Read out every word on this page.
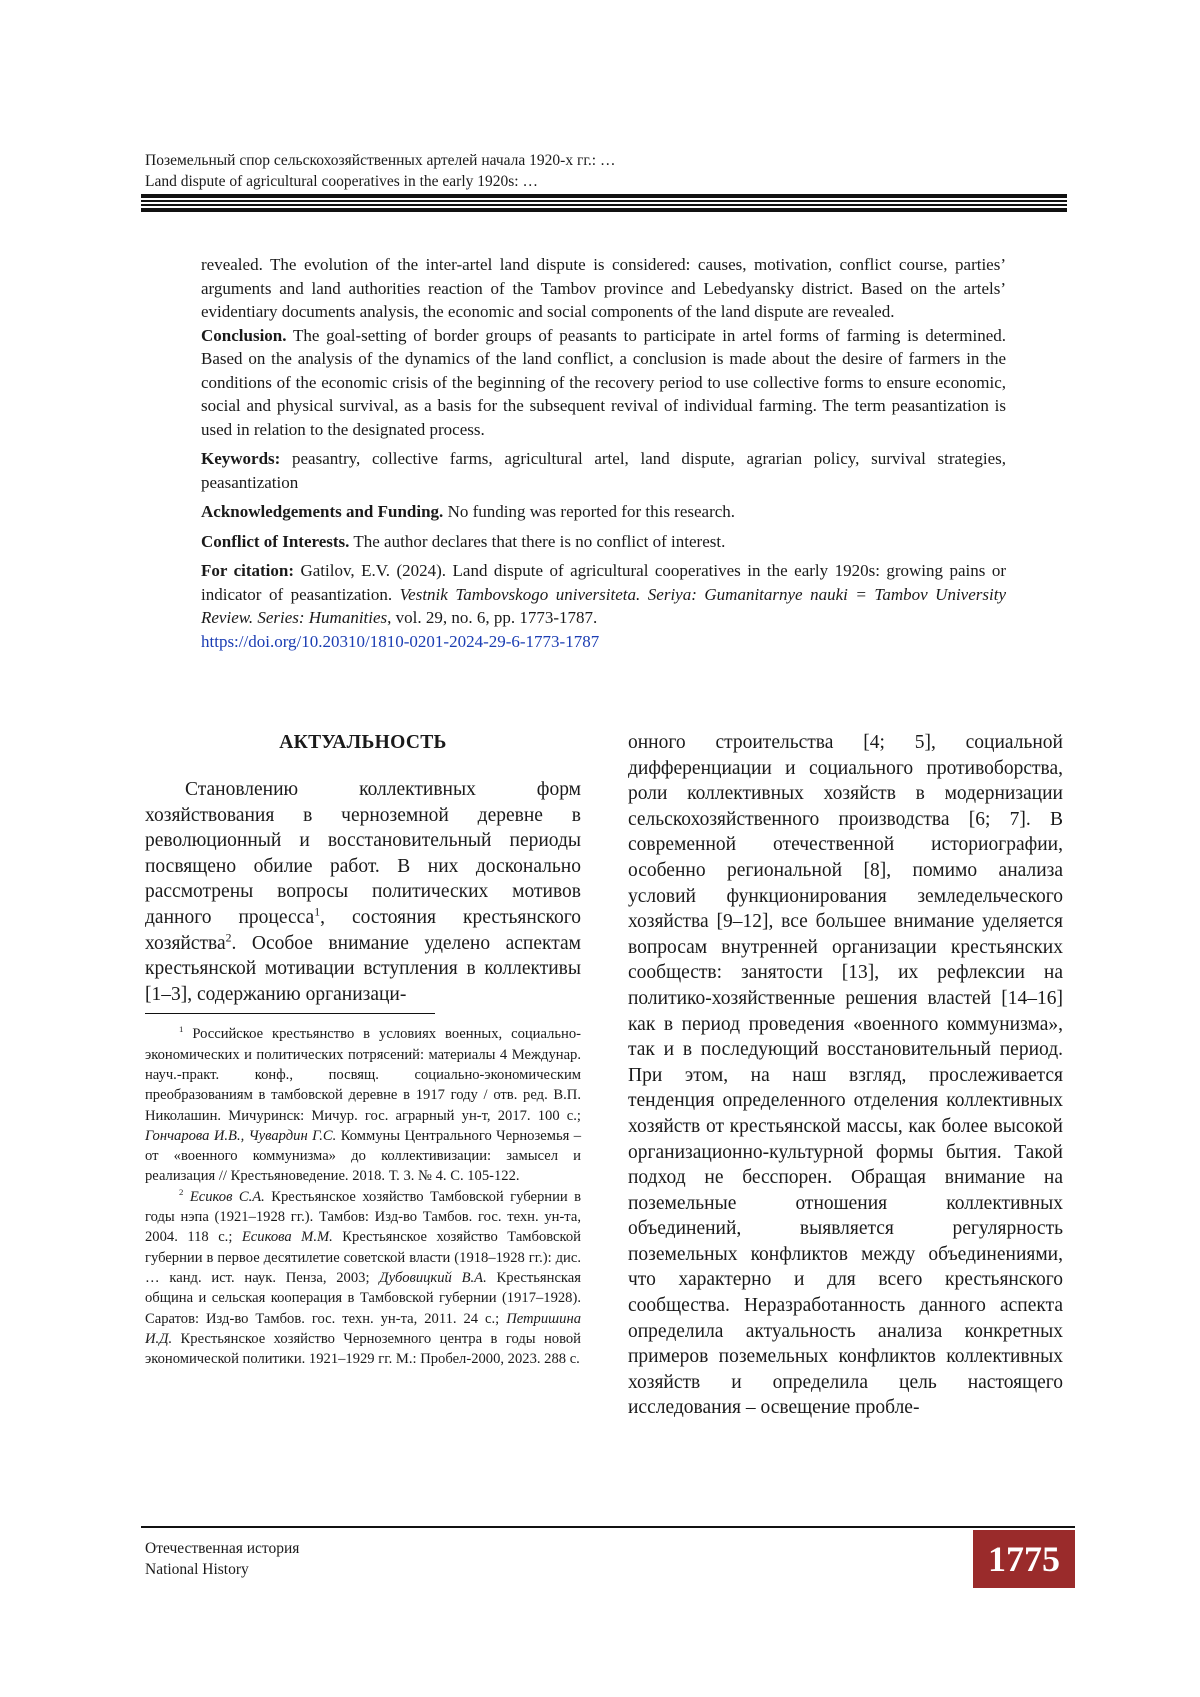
Поземельный спор сельскохозяйственных артелей начала 1920-х гг.: …
Land dispute of agricultural cooperatives in the early 1920s: …

revealed. The evolution of the inter-artel land dispute is considered: causes, motivation, conflict course, parties’ arguments and land authorities reaction of the Tambov province and Lebedyansky district. Based on the artels’ evidentiary documents analysis, the economic and social components of the land dispute are revealed.

Conclusion. The goal-setting of border groups of peasants to participate in artel forms of farming is determined. Based on the analysis of the dynamics of the land conflict, a conclusion is made about the desire of farmers in the conditions of the economic crisis of the beginning of the recovery period to use collective forms to ensure economic, social and physical survival, as a basis for the subsequent revival of individual farming. The term peasantization is used in relation to the designated process.

Keywords: peasantry, collective farms, agricultural artel, land dispute, agrarian policy, survival strategies, peasantization

Acknowledgements and Funding. No funding was reported for this research.

Conflict of Interests. The author declares that there is no conflict of interest.

For citation: Gatilov, E.V. (2024). Land dispute of agricultural cooperatives in the early 1920s: growing pains or indicator of peasantization. Vestnik Tambovskogo universiteta. Seriya: Gumanitarnye nauki = Tambov University Review. Series: Humanities, vol. 29, no. 6, pp. 1773-1787.
https://doi.org/10.20310/1810-0201-2024-29-6-1773-1787

АКТУАЛЬНОСТЬ

Становлению коллективных форм хозяйствования в черноземной деревне в революционный и восстановительный периоды посвящено обилие работ. В них досконально рассмотрены вопросы политических мотивов данного процесса$^1$, состояния крестьянского хозяйства$^2$. Особое внимание уделено аспектам крестьянской мотивации вступления в коллективы [1–3], содержанию организаци-

$^1$ Российское крестьянство в условиях военных, социально-экономических и политических потрясений: материалы 4 Междунар. науч.-практ. конф., посвящ. социально-экономическим преобразованиям в тамбовской деревне в 1917 году / отв. ред. В.П. Николашин. Мичуринск: Мичур. гос. аграрный ун-т, 2017. 100 с.; Гончарова И.В., Чувардин Г.С. Коммуны Центрального Черноземья – от «военного коммунизма» до коллективизации: замысел и реализация // Крестьяноведение. 2018. Т. 3. № 4. С. 105-122.

$^2$ Есиков С.А. Крестьянское хозяйство Тамбовской губернии в годы нэпа (1921–1928 гг.). Тамбов: Изд-во Тамбов. гос. техн. ун-та, 2004. 118 с.; Есикова М.М. Крестьянское хозяйство Тамбовской губернии в первое десятилетие советской власти (1918–1928 гг.): дис. … канд. ист. наук. Пенза, 2003; Дубовицкий В.А. Крестьянская община и сельская кооперация в Тамбовской губернии (1917–1928). Саратов: Изд-во Тамбов. гос. техн. ун-та, 2011. 24 с.; Петришина И.Д. Крестьянское хозяйство Черноземного центра в годы новой экономической политики. 1921–1929 гг. М.: Пробел-2000, 2023. 288 с.

онного строительства [4; 5], социальной дифференциации и социального противоборства, роли коллективных хозяйств в модернизации сельскохозяйственного производства [6; 7]. В современной отечественной историографии, особенно региональной [8], помимо анализа условий функционирования земледельческого хозяйства [9–12], все большее внимание уделяется вопросам внутренней организации крестьянских сообществ: занятости [13], их рефлексии на политико-хозяйственные решения властей [14–16] как в период проведения «военного коммунизма», так и в последующий восстановительный период. При этом, на наш взгляд, прослеживается тенденция определенного отделения коллективных хозяйств от крестьянской массы, как более высокой организационно-культурной формы бытия. Такой подход не бесспорен. Обращая внимание на поземельные отношения коллективных объединений, выявляется регулярность поземельных конфликтов между объединениями, что характерно и для всего крестьянского сообщества. Неразработанность данного аспекта определила актуальность анализа конкретных примеров поземельных конфликтов коллективных хозяйств и определила цель настоящего исследования – освещение пробле-

Отечественная история
National History	1775
